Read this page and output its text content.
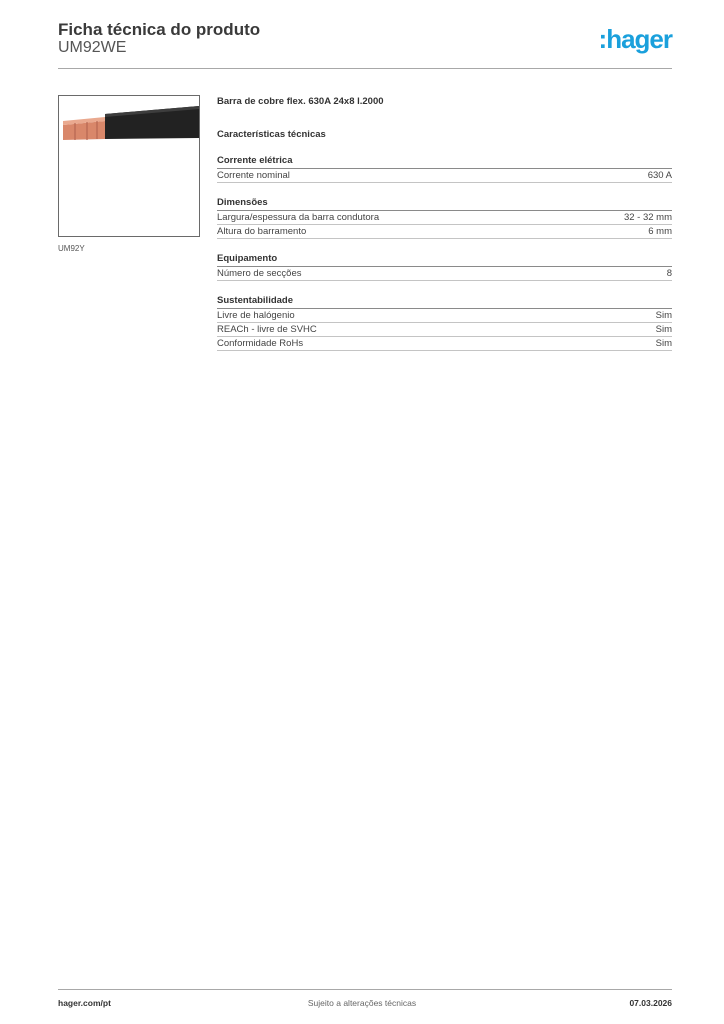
Ficha técnica do produto
UM92WE	:hager
UM92Y
Barra de cobre flex. 630A 24x8 l.2000
Características técnicas
Corrente elétrica
Corrente nominal	630 A
Dimensões
Largura/espessura da barra condutora	32 - 32 mm
Altura do barramento	6 mm
Equipamento
Número de secções	8
Sustentabilidade
Livre de halógenio	Sim
REACh - livre de SVHC	Sim
Conformidade RoHs	Sim
hager.com/pt	Sujeito a alterações técnicas	07.03.2026
